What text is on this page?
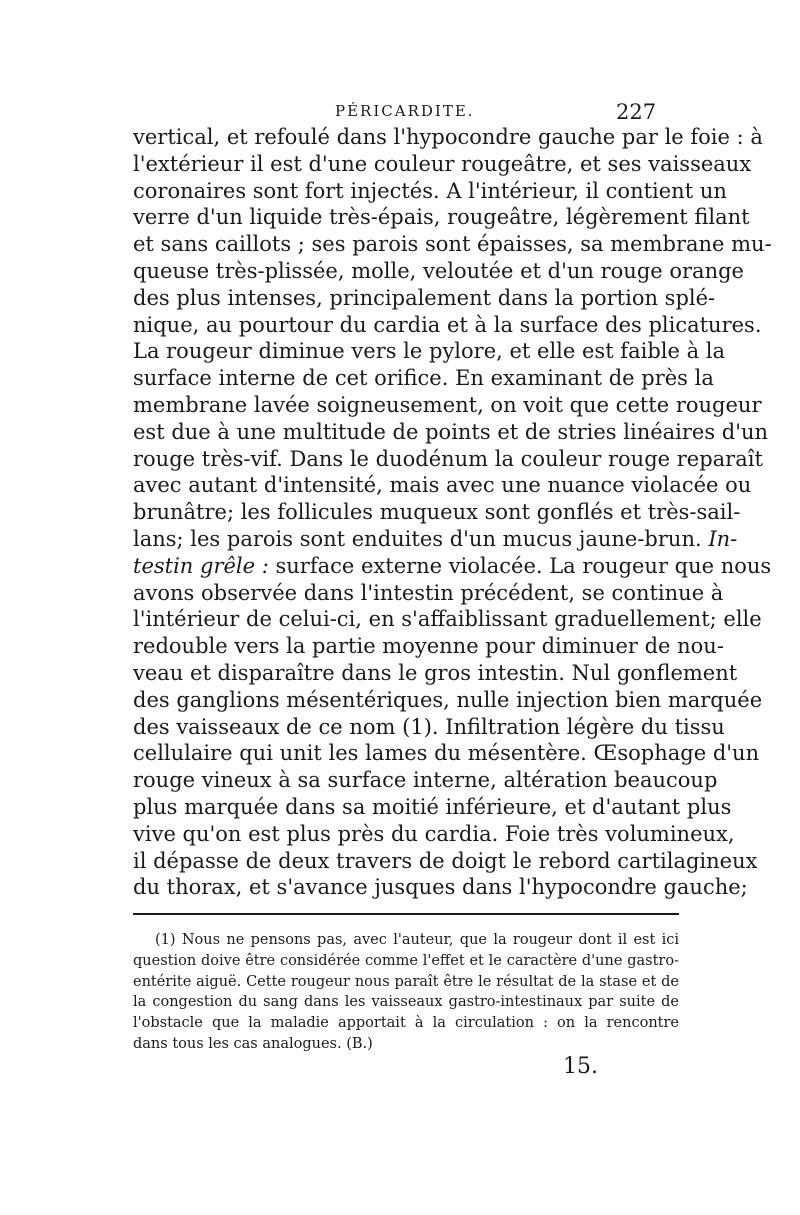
PÉRICARDITE.	227
vertical, et refoulé dans l'hypocondre gauche par le foie : à
l'extérieur il est d'une couleur rougeâtre, et ses vaisseaux
coronaires sont fort injectés. A l'intérieur, il contient un
verre d'un liquide très-épais, rougeâtre, légèrement filant
et sans caillots ; ses parois sont épaisses, sa membrane mu-
queuse très-plissée, molle, veloutée et d'un rouge orange
des plus intenses, principalement dans la portion splé-
nique, au pourtour du cardia et à la surface des plicatures.
La rougeur diminue vers le pylore, et elle est faible à la
surface interne de cet orifice. En examinant de près la
membrane lavée soigneusement, on voit que cette rougeur
est due à une multitude de points et de stries linéaires d'un
rouge très-vif. Dans le duodénum la couleur rouge reparaît
avec autant d'intensité, mais avec une nuance violacée ou
brunâtre; les follicules muqueux sont gonflés et très-sail-
lans; les parois sont enduites d'un mucus jaune-brun. In-
testin grêle : surface externe violacée. La rougeur que nous
avons observée dans l'intestin précédent, se continue à
l'intérieur de celui-ci, en s'affaiblissant graduellement; elle
redouble vers la partie moyenne pour diminuer de nou-
veau et disparaître dans le gros intestin. Nul gonflement
des ganglions mésentériques, nulle injection bien marquée
des vaisseaux de ce nom (1). Infiltration légère du tissu
cellulaire qui unit les lames du mésentère. Œsophage d'un
rouge vineux à sa surface interne, altération beaucoup
plus marquée dans sa moitié inférieure, et d'autant plus
vive qu'on est plus près du cardia. Foie très volumineux,
il dépasse de deux travers de doigt le rebord cartilagineux
du thorax, et s'avance jusques dans l'hypocondre gauche;
(1) Nous ne pensons pas, avec l'auteur, que la rougeur dont il est ici
question doive être considérée comme l'effet et le caractère d'une gastro-
entérite aiguë. Cette rougeur nous paraît être le résultat de la stase et de
la congestion du sang dans les vaisseaux gastro-intestinaux par suite de
l'obstacle que la maladie apportait à la circulation : on la rencontre
dans tous les cas analogues. (B.)
15.
